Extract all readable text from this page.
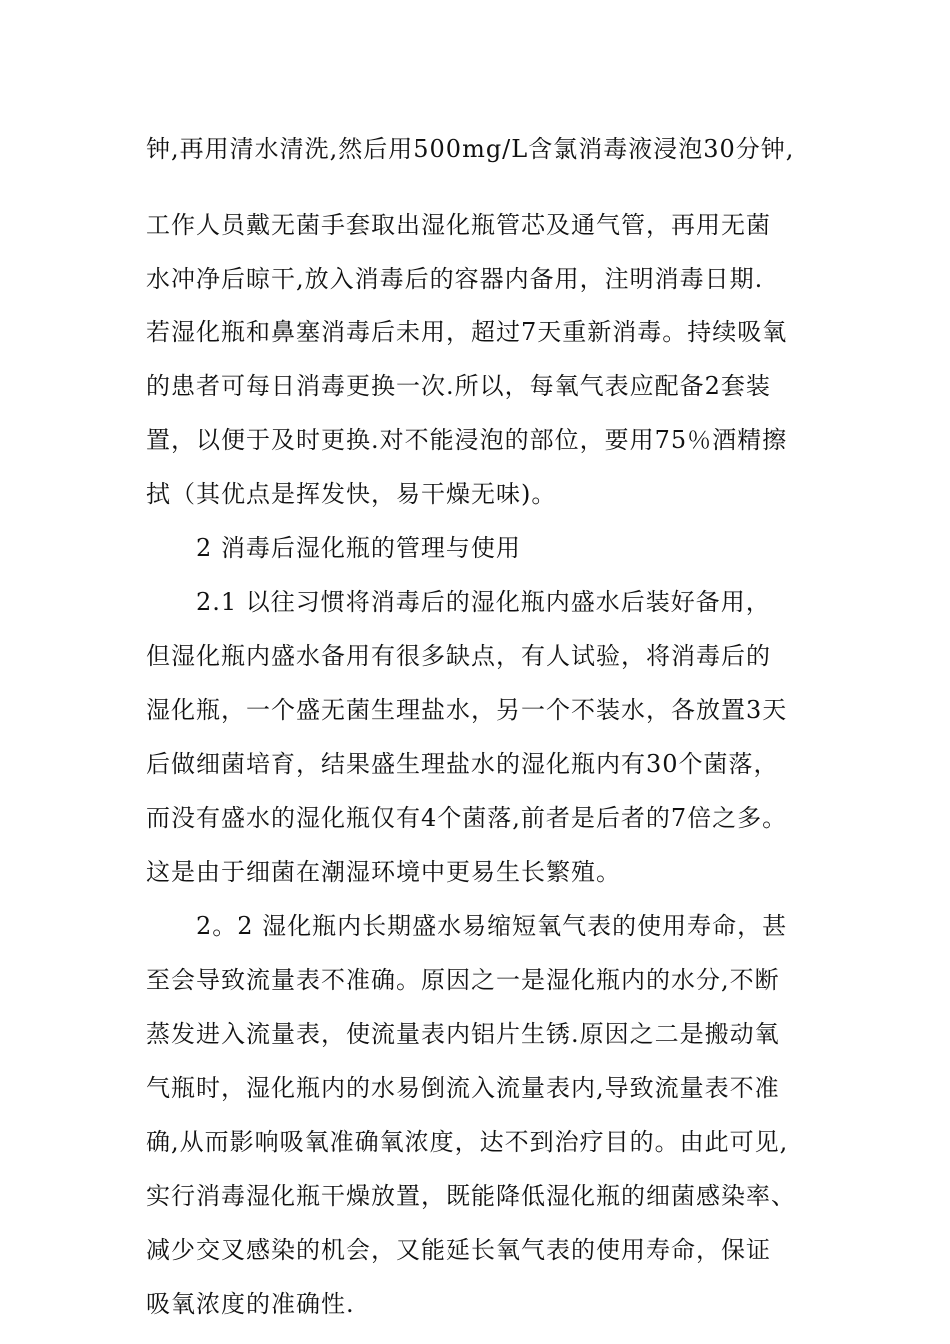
钟,再用清水清洗,然后用500mg/L含氯消毒液浸泡30分钟,
工作人员戴无菌手套取出湿化瓶管芯及通气管，再用无菌
水冲净后晾干,放入消毒后的容器内备用，注明消毒日期.
若湿化瓶和鼻塞消毒后未用，超过7天重新消毒。持续吸氧
的患者可每日消毒更换一次.所以，每氧气表应配备2套装
置，以便于及时更换.对不能浸泡的部位，要用75％酒精擦
拭（其优点是挥发快，易干燥无味)。
2 消毒后湿化瓶的管理与使用
2.1 以往习惯将消毒后的湿化瓶内盛水后装好备用，
但湿化瓶内盛水备用有很多缺点，有人试验，将消毒后的
湿化瓶，一个盛无菌生理盐水，另一个不装水，各放置3天
后做细菌培育，结果盛生理盐水的湿化瓶内有30个菌落，
而没有盛水的湿化瓶仅有4个菌落,前者是后者的7倍之多。
这是由于细菌在潮湿环境中更易生长繁殖。
2。2 湿化瓶内长期盛水易缩短氧气表的使用寿命，甚
至会导致流量表不准确。原因之一是湿化瓶内的水分,不断
蒸发进入流量表，使流量表内铝片生锈.原因之二是搬动氧
气瓶时，湿化瓶内的水易倒流入流量表内,导致流量表不准
确,从而影响吸氧准确氧浓度，达不到治疗目的。由此可见,
实行消毒湿化瓶干燥放置，既能降低湿化瓶的细菌感染率、
减少交叉感染的机会，又能延长氧气表的使用寿命，保证
吸氧浓度的准确性.
